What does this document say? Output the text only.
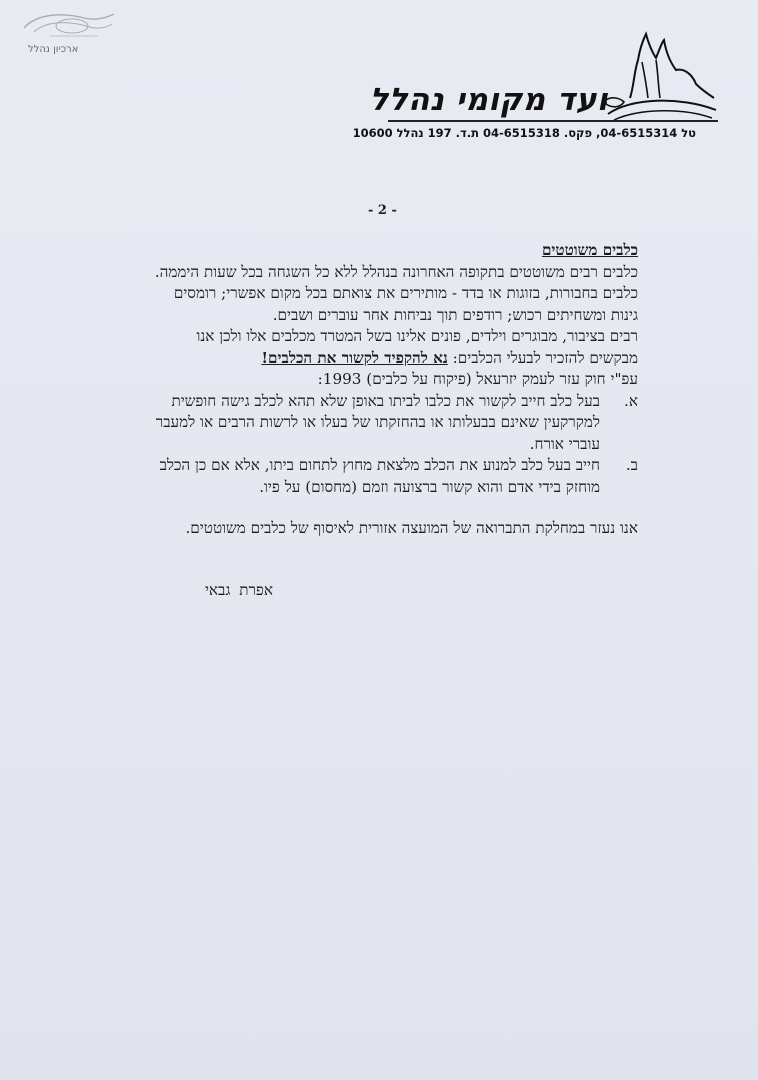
ארכיון נהלל
ועד מקומי נהלל
טל 04-6515314, פקס. 04-6515318 ת.ד. 197 נהלל 10600
- 2 -
כלבים משוטטים
כלבים רבים משוטטים בתקופה האחרונה בנהלל ללא כל השגחה בכל שעות היממה.
כלבים בחבורות, בזוגות או בדד - מותירים את צואתם בכל מקום אפשרי; רומסים
גינות ומשחיתים רכוש; רודפים תוך נביחות אחר עוברים ושבים.
רבים בציבור, מבוגרים וילדים, פונים אלינו בשל המטרד מכלבים אלו ולכן אנו
מבקשים להזכיר לבעלי הכלבים: נא להקפיד לקשור את הכלבים!
עפ"י חוק עזר לעמק יזרעאל (פיקוח על כלבים) 1993:
א.
בעל כלב חייב לקשור את כלבו לביתו באופן שלא תהא לכלב גישה חופשית
למקרקעין שאינם בבעלותו או בהחזקתו של בעלו או לרשות הרבים או למעבר
עוברי אורח.
ב.
חייב בעל כלב למנוע את הכלב מלצאת מחוץ לתחום ביתו, אלא אם כן הכלב
מוחזק בידי אדם והוא קשור ברצועה וזמם (מחסום) על פיו.
אנו נעזר במחלקת התברואה של המועצה אזורית לאיסוף של כלבים משוטטים.
אפרת גבאי
